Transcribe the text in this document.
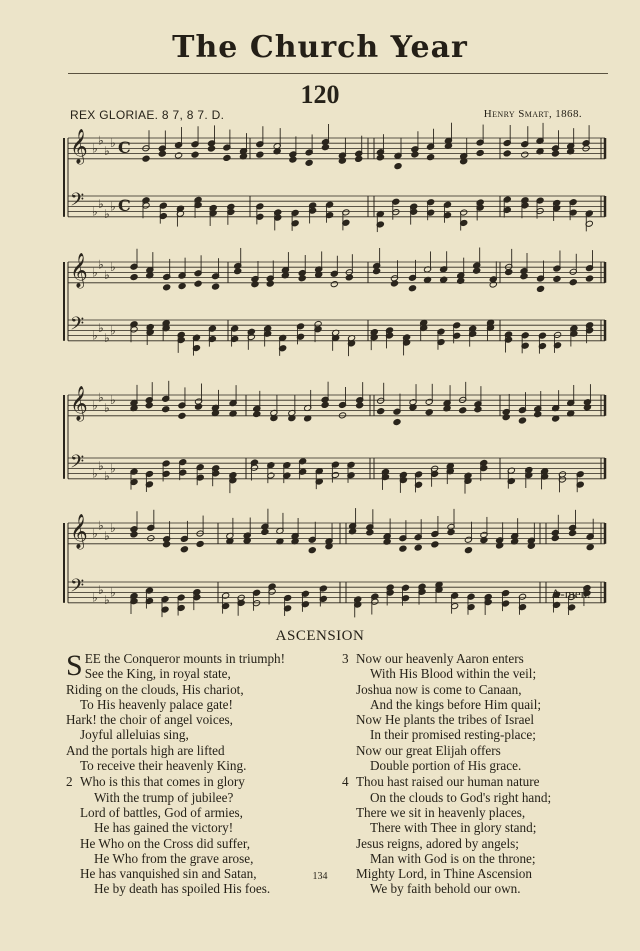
The Church Year
120
REX GLORIAE. 8 7, 8 7. D.	Henry Smart, 1868.
𝄞 ♭
♭
♭
♭ C
𝄢 ♭
♭
♭
♭ C
𝄞 ♭
♭
♭
♭
𝄢 ♭
♭
♭
♭
𝄞 ♭
♭
♭
♭
𝄢 ♭
♭
♭
♭
𝄞 ♭
♭
♭
♭
𝄢 ♭
♭
♭
♭	A-men.
ASCENSION
S EE the Conqueror mounts in triumph!
See the King, in royal state,
Riding on the clouds, His chariot,
To His heavenly palace gate!
Hark! the choir of angel voices,
Joyful alleluias sing,
And the portals high are lifted
To receive their heavenly King.
2 Who is this that comes in glory
With the trump of jubilee?
Lord of battles, God of armies,
He has gained the victory!
He Who on the Cross did suffer,
He Who from the grave arose,
He has vanquished sin and Satan,
He by death has spoiled His foes.
3 Now our heavenly Aaron enters
With His Blood within the veil;
Joshua now is come to Canaan,
And the kings before Him quail;
Now He plants the tribes of Israel
In their promised resting-place;
Now our great Elijah offers
Double portion of His grace.
4 Thou hast raised our human nature
On the clouds to God's right hand;
There we sit in heavenly places,
There with Thee in glory stand;
Jesus reigns, adored by angels;
Man with God is on the throne;
Mighty Lord, in Thine Ascension
We by faith behold our own.
134
